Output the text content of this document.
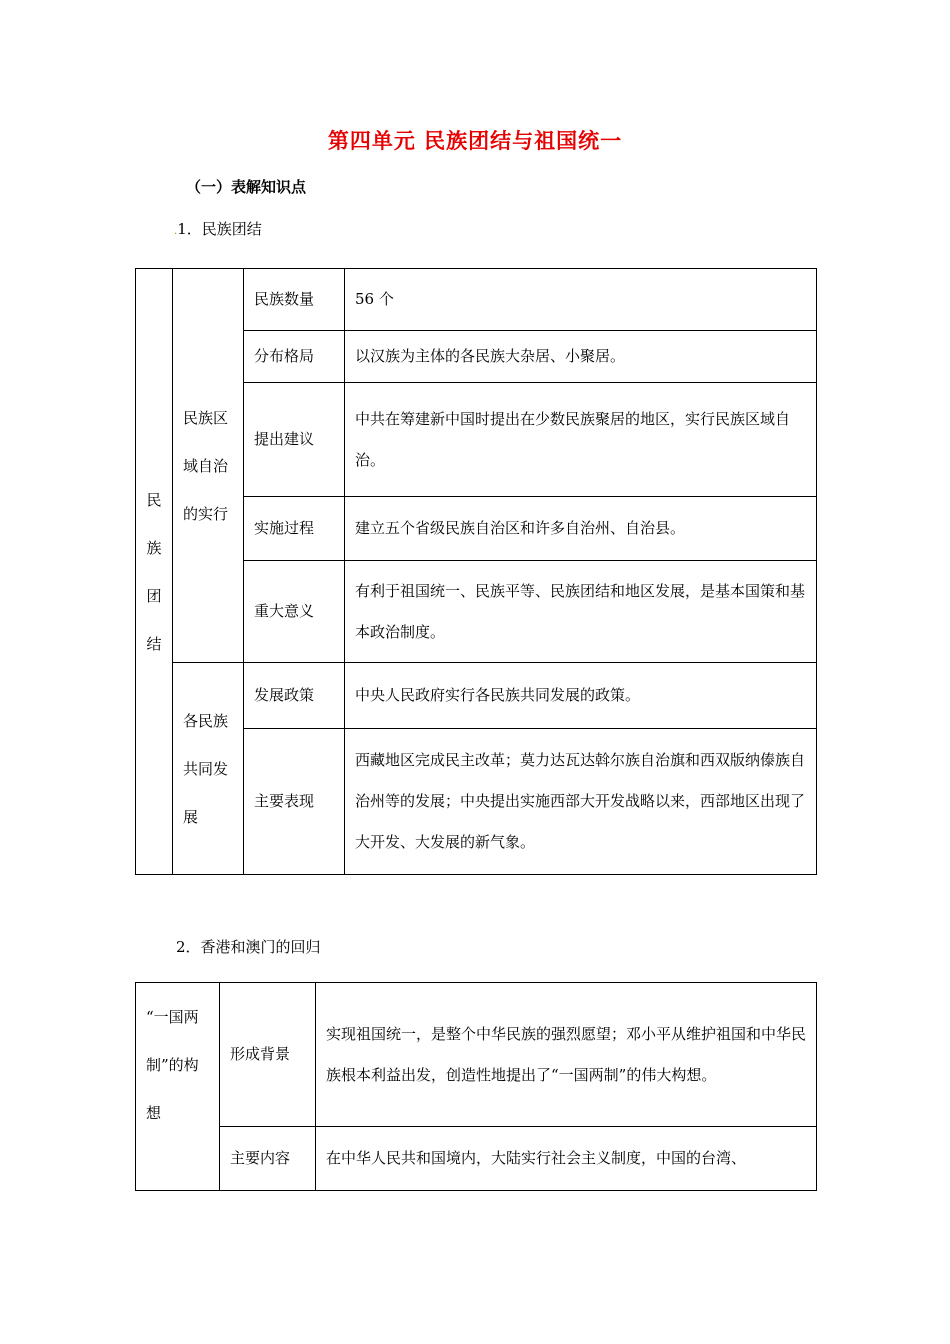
第四单元 民族团结与祖国统一
（一）表解知识点
.1．民族团结
民族团结	民族区域自治的实行	民族数量	56 个
		分布格局	以汉族为主体的各民族大杂居、小聚居。
		提出建议	中共在筹建新中国时提出在少数民族聚居的地区，实行民族区域自治。
		实施过程	建立五个省级民族自治区和许多自治州、自治县。
		重大意义	有利于祖国统一、民族平等、民族团结和地区发展，是基本国策和基本政治制度。
	各民族共同发展	发展政策	中央人民政府实行各民族共同发展的政策。
		主要表现	西藏地区完成民主改革；莫力达瓦达斡尔族自治旗和西双版纳傣族自治州等的发展；中央提出实施西部大开发战略以来，西部地区出现了大开发、大发展的新气象。
2．香港和澳门的回归
“一国两制”的构想	形成背景	实现祖国统一，是整个中华民族的强烈愿望；邓小平从维护祖国和中华民族根本利益出发，创造性地提出了“一国两制”的伟大构想。
	主要内容	在中华人民共和国境内，大陆实行社会主义制度，中国的台湾、
